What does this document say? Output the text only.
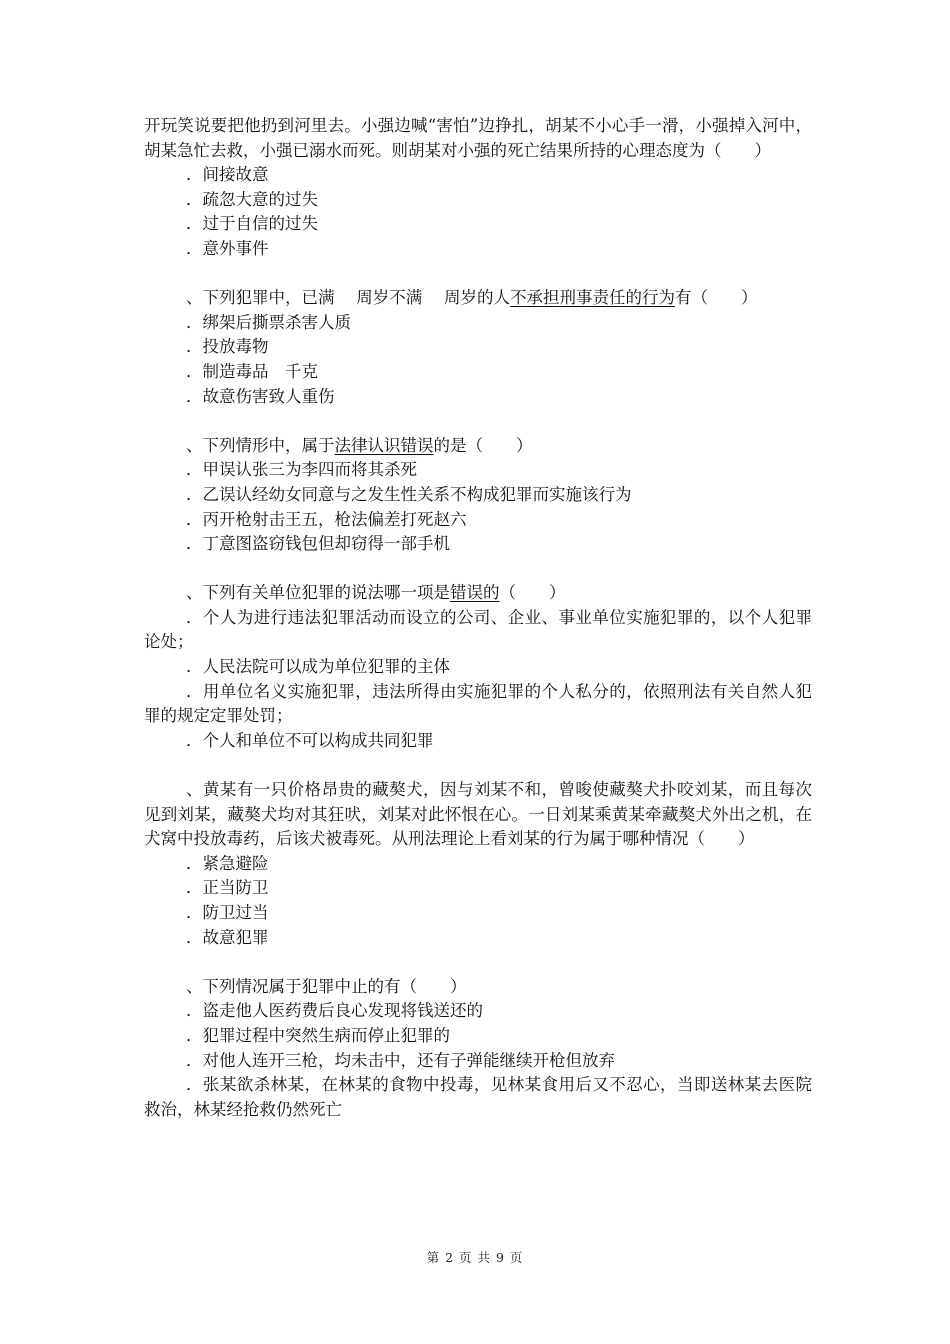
开玩笑说要把他扔到河里去。小强边喊“害怕”边挣扎，胡某不小心手一滑，小强掉入河中，胡某急忙去救，小强已溺水而死。则胡某对小强的死亡结果所持的心理态度为（　　）

．间接故意

．疏忽大意的过失

．过于自信的过失

．意外事件

、下列犯罪中，已满　 周岁不满　 周岁的人不承担刑事责任的行为有（　　）

．绑架后撕票杀害人质

．投放毒物

．制造毒品　千克

．故意伤害致人重伤

、下列情形中，属于法律认识错误的是（　　）

．甲误认张三为李四而将其杀死

．乙误认经幼女同意与之发生性关系不构成犯罪而实施该行为

．丙开枪射击王五，枪法偏差打死赵六

．丁意图盗窃钱包但却窃得一部手机

、下列有关单位犯罪的说法哪一项是错误的（　　）

．个人为进行违法犯罪活动而设立的公司、企业、事业单位实施犯罪的，以个人犯罪论处；

．人民法院可以成为单位犯罪的主体

．用单位名义实施犯罪，违法所得由实施犯罪的个人私分的，依照刑法有关自然人犯罪的规定定罪处罚；

．个人和单位不可以构成共同犯罪

、黄某有一只价格昂贵的藏獒犬，因与刘某不和，曾唆使藏獒犬扑咬刘某，而且每次见到刘某，藏獒犬均对其狂吠，刘某对此怀恨在心。一日刘某乘黄某牵藏獒犬外出之机，在犬窝中投放毒药，后该犬被毒死。从刑法理论上看刘某的行为属于哪种情况（　　）

．紧急避险

．正当防卫

．防卫过当

．故意犯罪

、下列情况属于犯罪中止的有（　　）

．盗走他人医药费后良心发现将钱送还的

．犯罪过程中突然生病而停止犯罪的

．对他人连开三枪，均未击中，还有子弹能继续开枪但放弃

．张某欲杀林某，在林某的食物中投毒，见林某食用后又不忍心，当即送林某去医院救治，林某经抢救仍然死亡

第 2 页 共 9 页
